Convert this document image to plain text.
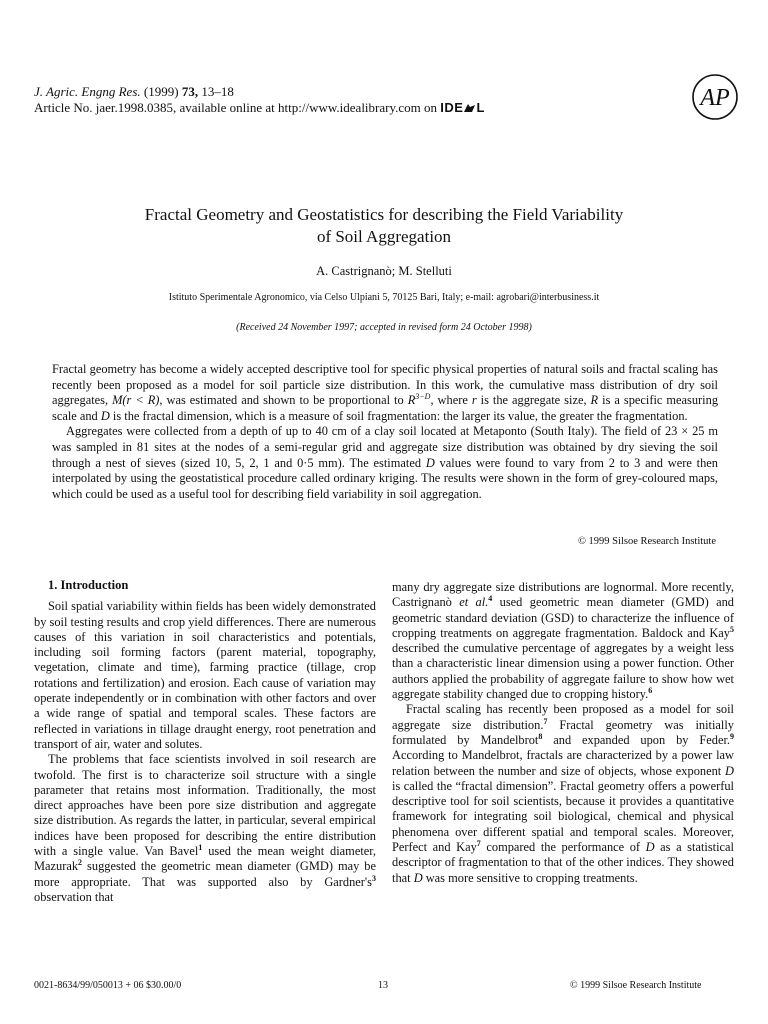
J. Agric. Engng Res. (1999) 73, 13–18
Article No. jaer.1998.0385, available online at http://www.idealibrary.com on IDE L	AP
Fractal Geometry and Geostatistics for describing the Field Variability
of Soil Aggregation
A. Castrignanò; M. Stelluti
Istituto Sperimentale Agronomico, via Celso Ulpiani 5, 70125 Bari, Italy; e-mail: agrobari@interbusiness.it
(Received 24 November 1997; accepted in revised form 24 October 1998)

Fractal geometry has become a widely accepted descriptive tool for specific physical properties of natural soils and fractal scaling has recently been proposed as a model for soil particle size distribution. In this work, the cumulative mass distribution of dry soil aggregates, M(r < R), was estimated and shown to be proportional to $R^{3-D}$, where r is the aggregate size, R is a specific measuring scale and D is the fractal dimension, which is a measure of soil fragmentation: the larger its value, the greater the fragmentation.

Aggregates were collected from a depth of up to 40 cm of a clay soil located at Metaponto (South Italy). The field of 23 × 25 m was sampled in 81 sites at the nodes of a semi-regular grid and aggregate size distribution was obtained by dry sieving the soil through a nest of sieves (sized 10, 5, 2, 1 and 0·5 mm). The estimated D values were found to vary from 2 to 3 and were then interpolated by using the geostatistical procedure called ordinary kriging. The results were shown in the form of grey-coloured maps, which could be used as a useful tool for describing field variability in soil aggregation.

© 1999 Silsoe Research Institute

1. Introduction

Soil spatial variability within fields has been widely demonstrated by soil testing results and crop yield differences. There are numerous causes of this variation in soil characteristics and potentials, including soil forming factors (parent material, topography, vegetation, climate and time), farming practice (tillage, crop rotations and fertilization) and erosion. Each cause of variation may operate independently or in combination with other factors and over a wide range of spatial and temporal scales. These factors are reflected in variations in tillage draught energy, root penetration and transport of air, water and solutes.

The problems that face scientists involved in soil research are twofold. The first is to characterize soil structure with a single parameter that retains most information. Traditionally, the most direct approaches have been pore size distribution and aggregate size distribution. As regards the latter, in particular, several empirical indices have been proposed for describing the entire distribution with a single value. Van Bavel$^1$ used the mean weight diameter, Mazurak$^2$ suggested the geometric mean diameter (GMD) may be more appropriate. That was supported also by $Gardner's^3$ observation that

many dry aggregate size distributions are lognormal. More recently, Castrignanò et al.$^4$ used geometric mean diameter (GMD) and geometric standard deviation (GSD) to characterize the influence of cropping treatments on aggregate fragmentation. Baldock and Kay$^5$ described the cumulative percentage of aggregates by a weight less than a characteristic linear dimension using a power function. Other authors applied the probability of aggregate failure to show how wet aggregate stability changed due to cropping history.$^6$

Fractal scaling has recently been proposed as a model for soil aggregate size distribution.$^7$ Fractal geometry was initially formulated by Mandelbrot$^8$ and expanded upon by Feder.$^9$ According to Mandelbrot, fractals are characterized by a power law relation between the number and size of objects, whose exponent D is called the “fractal dimension”. Fractal geometry offers a powerful descriptive tool for soil scientists, because it provides a quantitative framework for integrating soil biological, chemical and physical phenomena over different spatial and temporal scales. Moreover, Perfect and Kay$^7$ compared the performance of D as a statistical descriptor of fragmentation to that of the other indices. They showed that D was more sensitive to cropping treatments.

0021-8634/99/050013 + 06 $30.00/0	13	© 1999 Silsoe Research Institute
